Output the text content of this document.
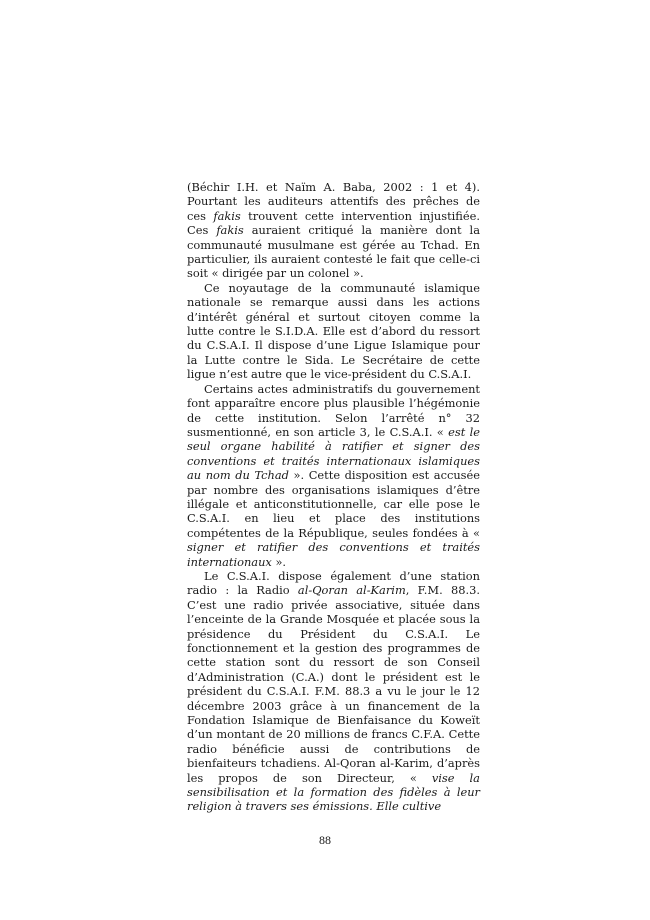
(Béchir I.H. et Naïm A. Baba, 2002 : 1 et 4). Pourtant les auditeurs attentifs des prêches de ces fakis trouvent cette intervention injustifiée. Ces fakis auraient critiqué la manière dont la communauté musulmane est gérée au Tchad. En particulier, ils auraient contesté le fait que celle-ci soit « dirigée par un colonel ».

Ce noyautage de la communauté islamique nationale se remarque aussi dans les actions d’intérêt général et surtout citoyen comme la lutte contre le S.I.D.A. Elle est d’abord du ressort du C.S.A.I. Il dispose d’une Ligue Islamique pour la Lutte contre le Sida. Le Secrétaire de cette ligue n’est autre que le vice-président du C.S.A.I.

Certains actes administratifs du gouvernement font apparaître encore plus plausible l’hégémonie de cette institution. Selon l’arrêté n° 32 susmentionné, en son article 3, le C.S.A.I. « est le seul organe habilité à ratifier et signer des conventions et traités internationaux islamiques au nom du Tchad ». Cette disposition est accusée par nombre des organisations islamiques d’être illégale et anticonstitutionnelle, car elle pose le C.S.A.I. en lieu et place des institutions compétentes de la République, seules fondées à « signer et ratifier des conventions et traités internationaux ».

Le C.S.A.I. dispose également d’une station radio : la Radio al-Qoran al-Karim, F.M. 88.3. C’est une radio privée associative, située dans l’enceinte de la Grande Mosquée et placée sous la présidence du Président du C.S.A.I. Le fonctionnement et la gestion des programmes de cette station sont du ressort de son Conseil d’Administration (C.A.) dont le président est le président du C.S.A.I. F.M. 88.3 a vu le jour le 12 décembre 2003 grâce à un financement de la Fondation Islamique de Bienfaisance du Koweït d’un montant de 20 millions de francs C.F.A. Cette radio bénéficie aussi de contributions de bienfaiteurs tchadiens. Al-Qoran al-Karim, d’après les propos de son Directeur, « vise la sensibilisation et la formation des fidèles à leur religion à travers ses émissions. Elle cultive

88
